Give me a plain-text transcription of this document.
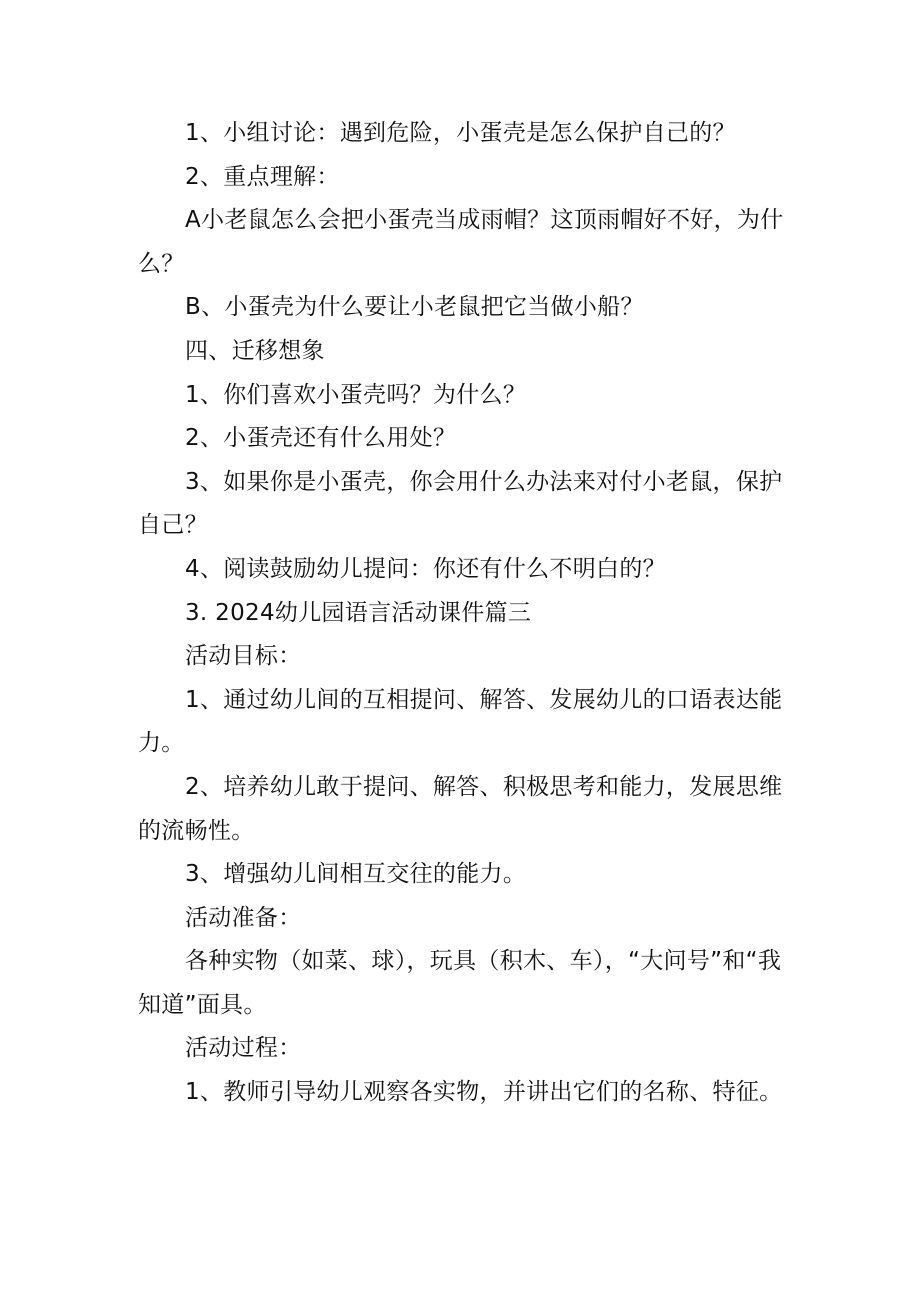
1、小组讨论：遇到危险，小蛋壳是怎么保护自己的？

2、重点理解：

A小老鼠怎么会把小蛋壳当成雨帽？这顶雨帽好不好，为什么？

B、小蛋壳为什么要让小老鼠把它当做小船？

四、迁移想象

1、你们喜欢小蛋壳吗？为什么？

2、小蛋壳还有什么用处？

3、如果你是小蛋壳，你会用什么办法来对付小老鼠，保护自己？

4、阅读鼓励幼儿提问：你还有什么不明白的？

3. 2024幼儿园语言活动课件篇三

活动目标：

1、通过幼儿间的互相提问、解答、发展幼儿的口语表达能力。

2、培养幼儿敢于提问、解答、积极思考和能力，发展思维的流畅性。

3、增强幼儿间相互交往的能力。

活动准备：

各种实物（如菜、球），玩具（积木、车），“大问号”和“我知道”面具。

活动过程：

1、教师引导幼儿观察各实物，并讲出它们的名称、特征。
